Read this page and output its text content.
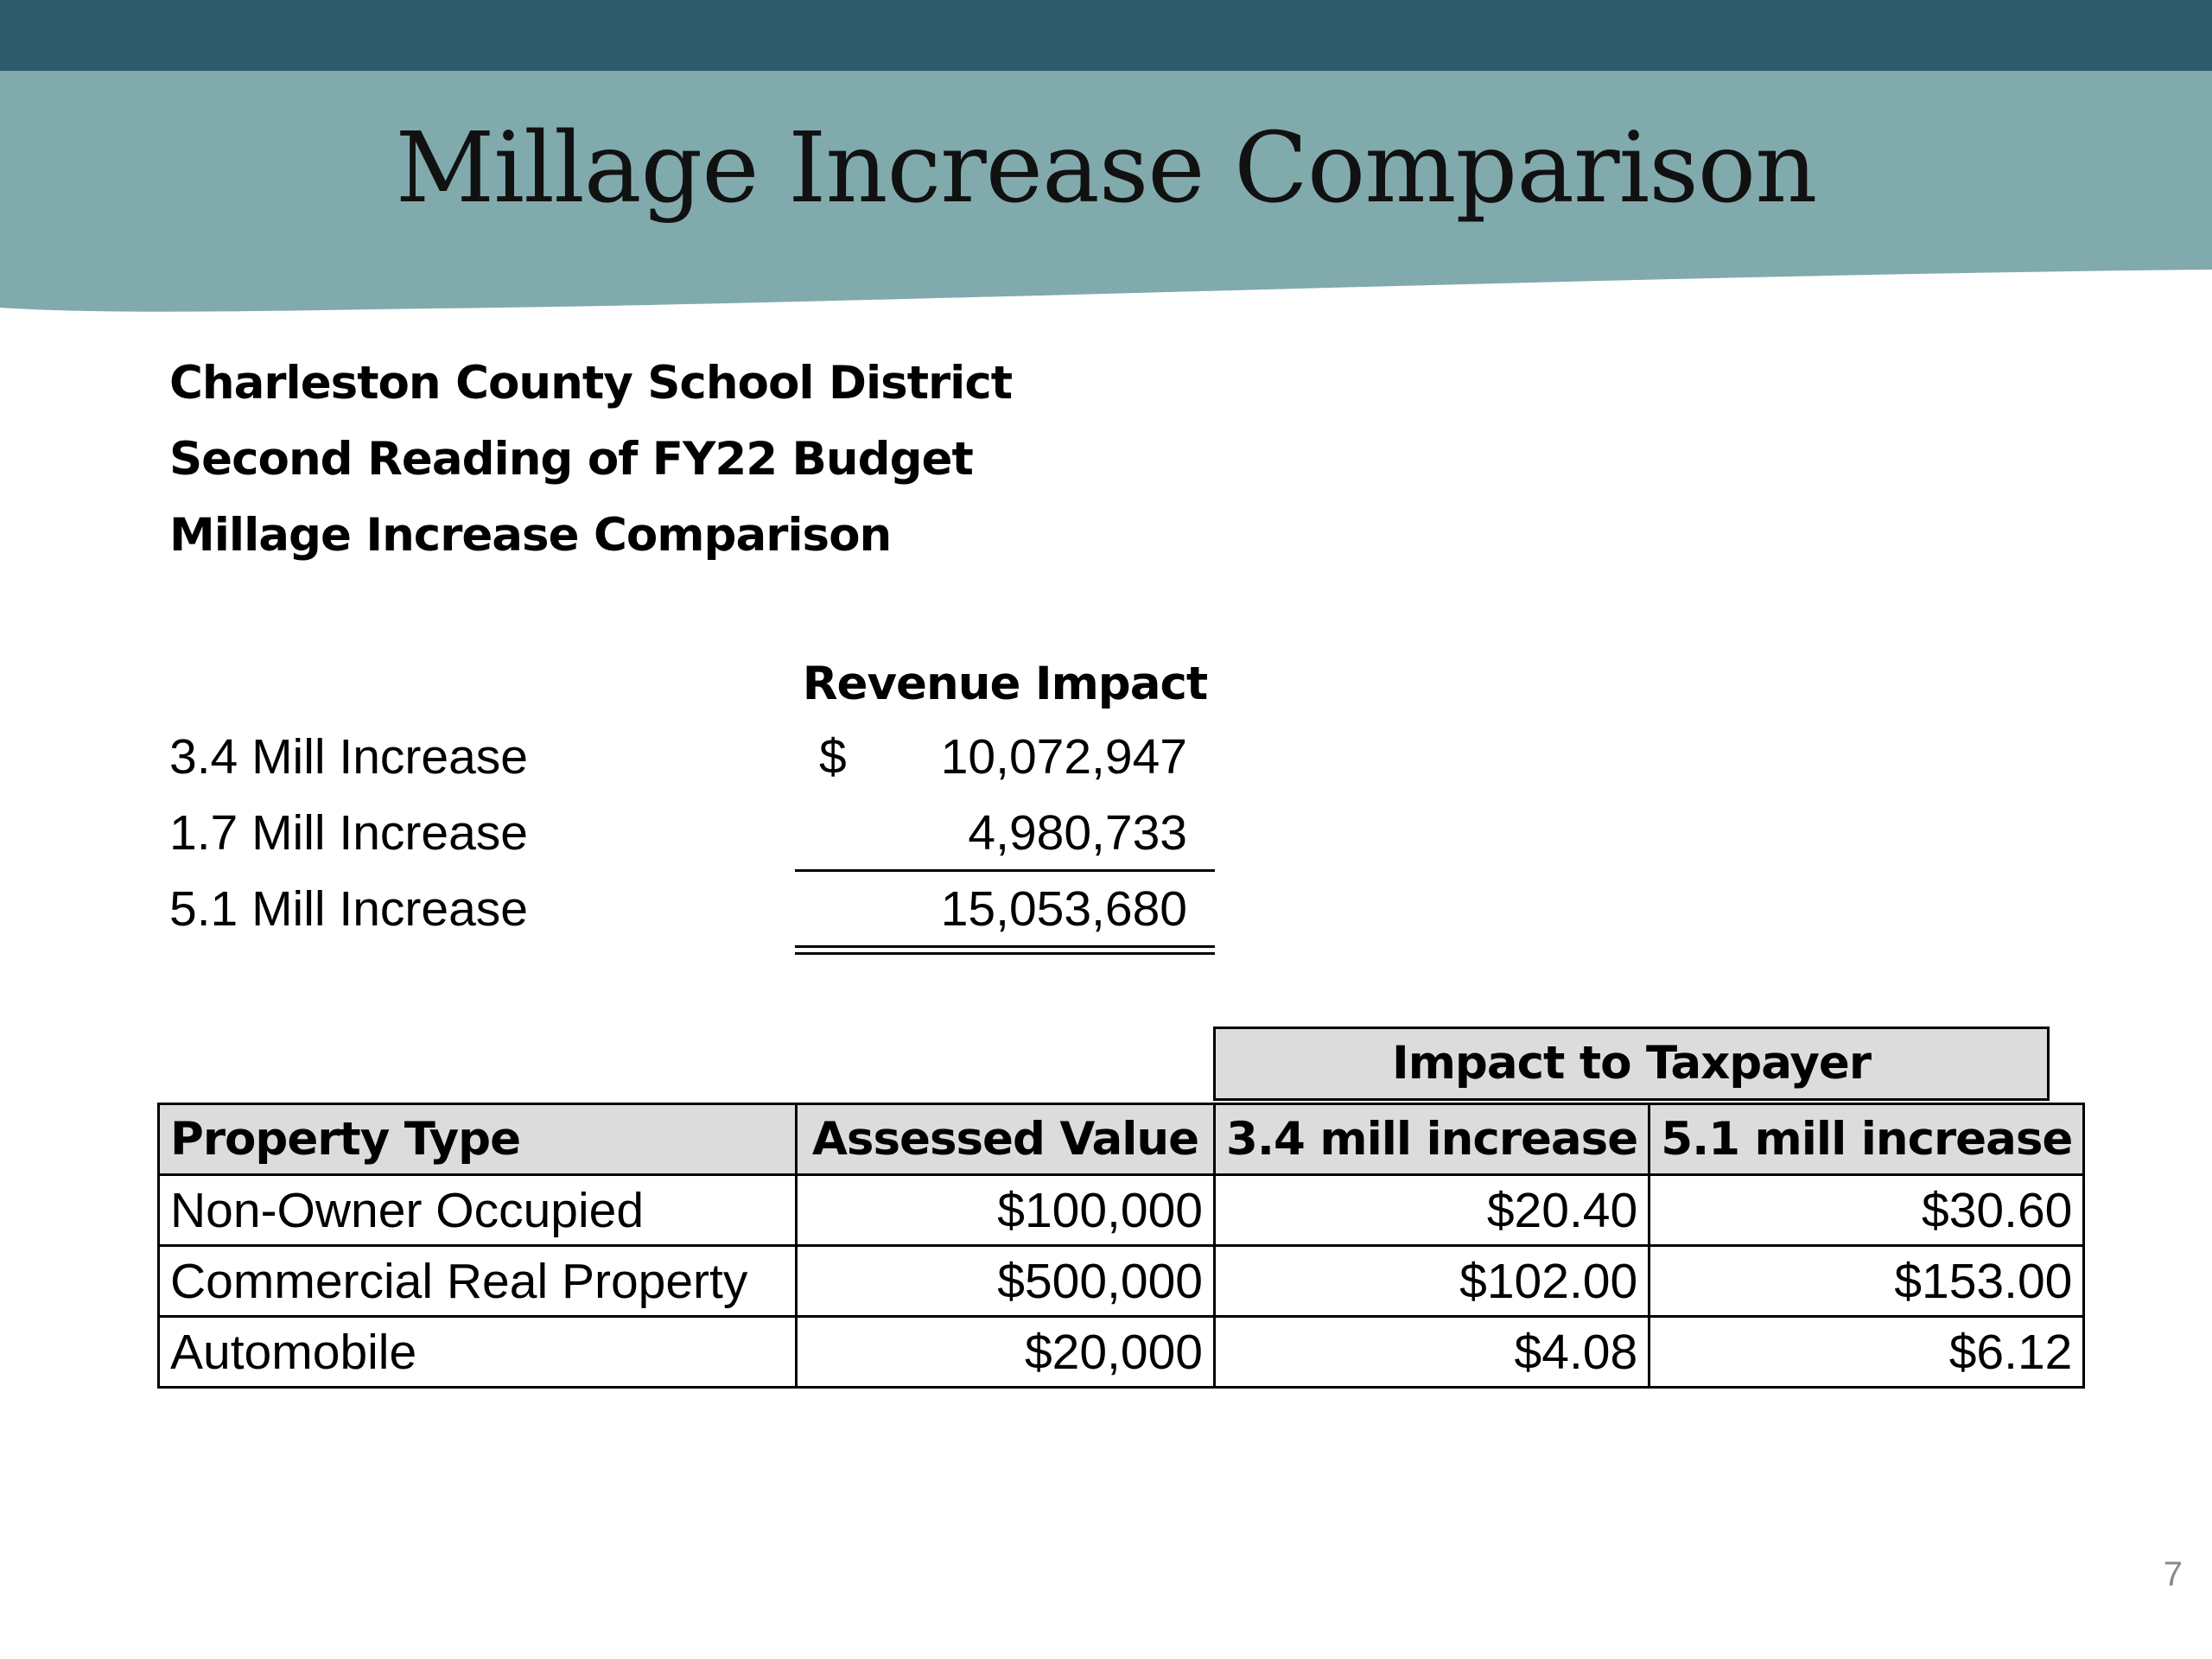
Millage Increase Comparison
Charleston County School District
Second Reading of FY22 Budget
Millage Increase Comparison
Revenue Impact
3.4 Mill Increase	$ 10,072,947
1.7 Mill Increase	4,980,733
5.1 Mill Increase	15,053,680
Impact to Taxpayer
Property Type	Assessed Value	3.4 mill increase	5.1 mill increase
Non-Owner Occupied	$100,000	$20.40	$30.60
Commercial Real Property	$500,000	$102.00	$153.00
Automobile	$20,000	$4.08	$6.12
7
